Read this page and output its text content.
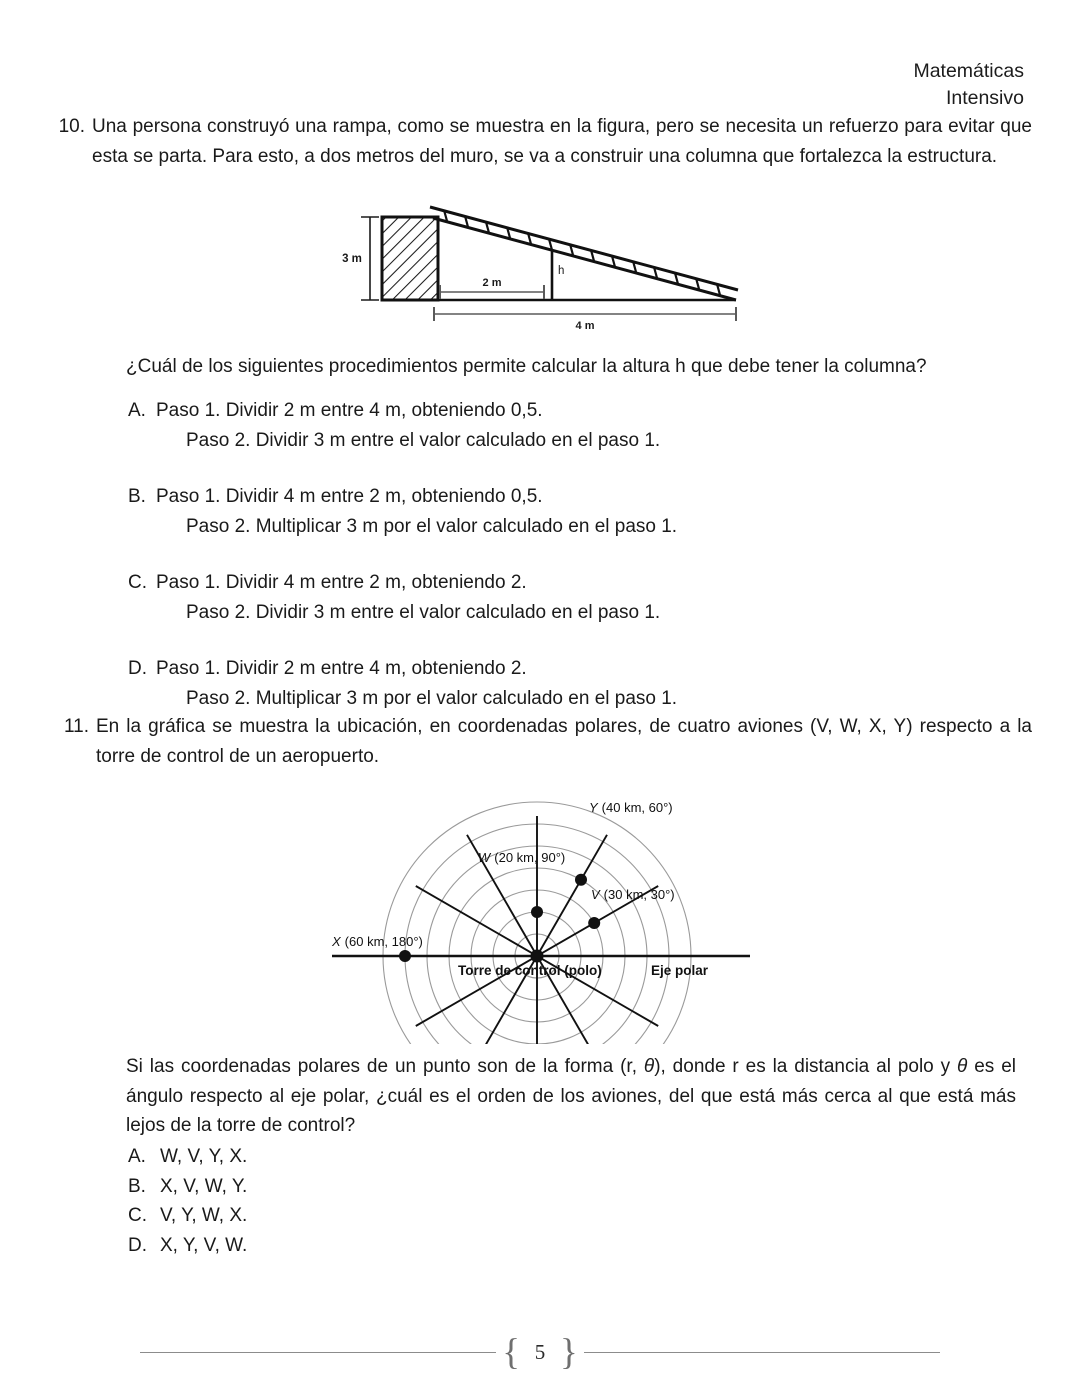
Matemáticas
Intensivo
10. Una persona construyó una rampa, como se muestra en la figura, pero se necesita un refuerzo para evitar que esta se parta. Para esto, a dos metros del muro, se va a construir una columna que fortalezca la estructura.
3 m
h
2 m
4 m
¿Cuál de los siguientes procedimientos permite calcular la altura h que debe tener la columna?
A. Paso 1. Dividir 2 m entre 4 m, obteniendo 0,5.
Paso 2. Dividir 3 m entre el valor calculado en el paso 1.
B. Paso 1. Dividir 4 m entre 2 m, obteniendo 0,5.
Paso 2. Multiplicar 3 m por el valor calculado en el paso 1.
C. Paso 1. Dividir 4 m entre 2 m, obteniendo 2.
Paso 2. Dividir 3 m entre el valor calculado en el paso 1.
D. Paso 1. Dividir 2 m entre 4 m, obteniendo 2.
Paso 2. Multiplicar 3 m por el valor calculado en el paso 1.
11. En la gráfica se muestra la ubicación, en coordenadas polares, de cuatro aviones (V, W, X, Y) respecto a la torre de control de un aeropuerto.
Y (40 km, 60°)
W (20 km, 90°)
V (30 km, 30°)
X (60 km, 180°)
Torre de control (polo)	Eje polar
Si las coordenadas polares de un punto son de la forma (r, θ), donde r es la distancia al polo y θ es el ángulo respecto al eje polar, ¿cuál es el orden de los aviones, del que está más cerca al que está más lejos de la torre de control?
A. W, V, Y, X.
B. X, V, W, Y.
C. V, Y, W, X.
D. X, Y, V, W.
{ 5 }
